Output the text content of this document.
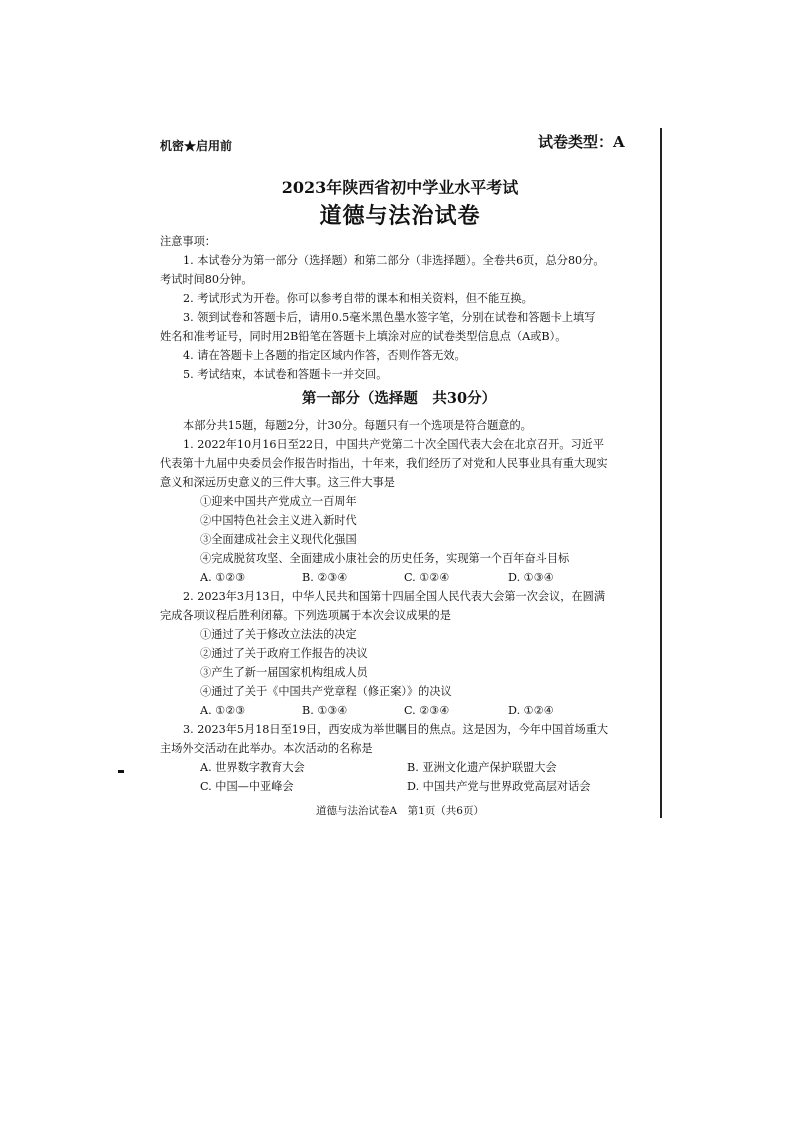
机密★启用前	试卷类型：A
2023年陕西省初中学业水平考试
道德与法治试卷
注意事项：
1. 本试卷分为第一部分（选择题）和第二部分（非选择题）。全卷共6页，总分80分。
考试时间80分钟。
2. 考试形式为开卷。你可以参考自带的课本和相关资料，但不能互换。
3. 领到试卷和答题卡后，请用0.5毫米黑色墨水签字笔，分别在试卷和答题卡上填写
姓名和准考证号，同时用2B铅笔在答题卡上填涂对应的试卷类型信息点（A或B）。
4. 请在答题卡上各题的指定区域内作答，否则作答无效。
5. 考试结束，本试卷和答题卡一并交回。
第一部分（选择题　共30分）
本部分共15题，每题2分，计30分。每题只有一个选项是符合题意的。
1. 2022年10月16日至22日，中国共产党第二十次全国代表大会在北京召开。习近平
代表第十九届中央委员会作报告时指出，十年来，我们经历了对党和人民事业具有重大现实
意义和深远历史意义的三件大事。这三件大事是
①迎来中国共产党成立一百周年
②中国特色社会主义进入新时代
③全面建成社会主义现代化强国
④完成脱贫攻坚、全面建成小康社会的历史任务，实现第一个百年奋斗目标
A. ①②③	B. ②③④	C. ①②④	D. ①③④
2. 2023年3月13日，中华人民共和国第十四届全国人民代表大会第一次会议，在圆满
完成各项议程后胜利闭幕。下列选项属于本次会议成果的是
①通过了关于修改立法法的决定
②通过了关于政府工作报告的决议
③产生了新一届国家机构组成人员
④通过了关于《中国共产党章程（修正案）》的决议
A. ①②③	B. ①③④	C. ②③④	D. ①②④
3. 2023年5月18日至19日，西安成为举世瞩目的焦点。这是因为，今年中国首场重大
主场外交活动在此举办。本次活动的名称是
A. 世界数字教育大会	B. 亚洲文化遗产保护联盟大会
C. 中国—中亚峰会	D. 中国共产党与世界政党高层对话会
道德与法治试卷A　第1页（共6页）
